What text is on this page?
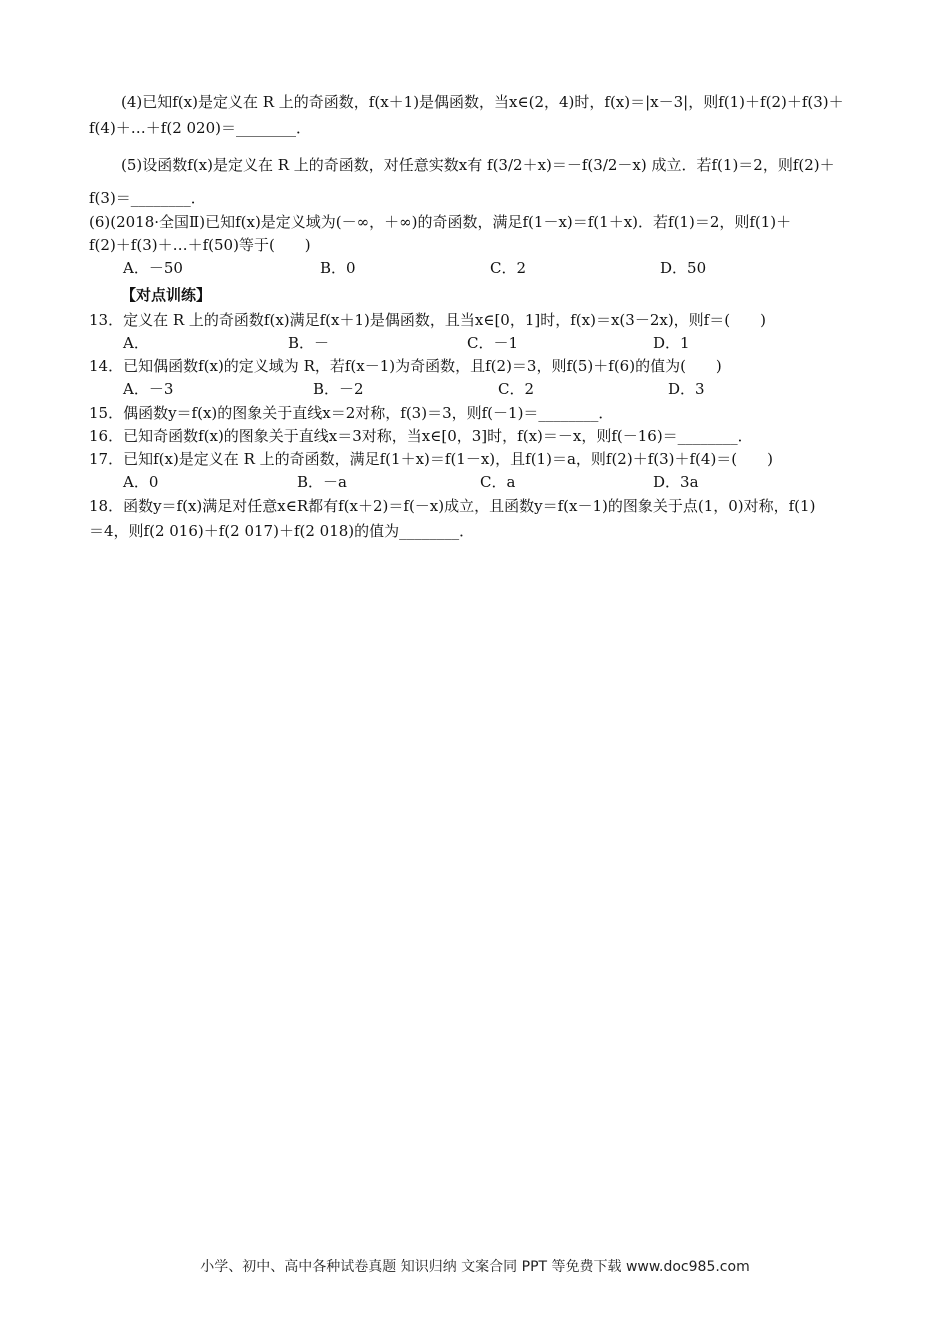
(4)已知f(x)是定义在 R 上的奇函数，f(x＋1)是偶函数，当x∈(2，4)时，f(x)＝|x－3|，则f(1)＋f(2)＋f(3)＋
f(4)＋…＋f(2 020)＝________．
(5)设函数f(x)是定义在 R 上的奇函数，对任意实数x有 f(3/2＋x)＝－f(3/2－x) 成立．若f(1)＝2，则f(2)＋
f(3)＝________．
(6)(2018·全国Ⅱ)已知f(x)是定义域为(－∞，＋∞)的奇函数，满足f(1－x)＝f(1＋x)．若f(1)＝2，则f(1)＋
f(2)＋f(3)＋…＋f(50)等于(　　)
A．－50	B．0	C．2	D．50
【对点训练】
13．定义在 R 上的奇函数f(x)满足f(x＋1)是偶函数，且当x∈[0，1]时，f(x)＝x(3－2x)，则f＝(　　)
A．	B．－	C．－1	D．1
14．已知偶函数f(x)的定义域为 R，若f(x－1)为奇函数，且f(2)＝3，则f(5)＋f(6)的值为(　　)
A．－3	B．－2	C．2	D．3
15．偶函数y＝f(x)的图象关于直线x＝2对称，f(3)＝3，则f(－1)＝________．
16．已知奇函数f(x)的图象关于直线x＝3对称，当x∈[0，3]时，f(x)＝－x，则f(－16)＝________．
17．已知f(x)是定义在 R 上的奇函数，满足f(1＋x)＝f(1－x)，且f(1)＝a，则f(2)＋f(3)＋f(4)＝(　　)
A．0	B．－a	C．a	D．3a
18．函数y＝f(x)满足对任意x∈R都有f(x＋2)＝f(－x)成立，且函数y＝f(x－1)的图象关于点(1，0)对称，f(1)
＝4，则f(2 016)＋f(2 017)＋f(2 018)的值为________．
小学、初中、高中各种试卷真题 知识归纳 文案合同 PPT 等免费下载 www.doc985.com
